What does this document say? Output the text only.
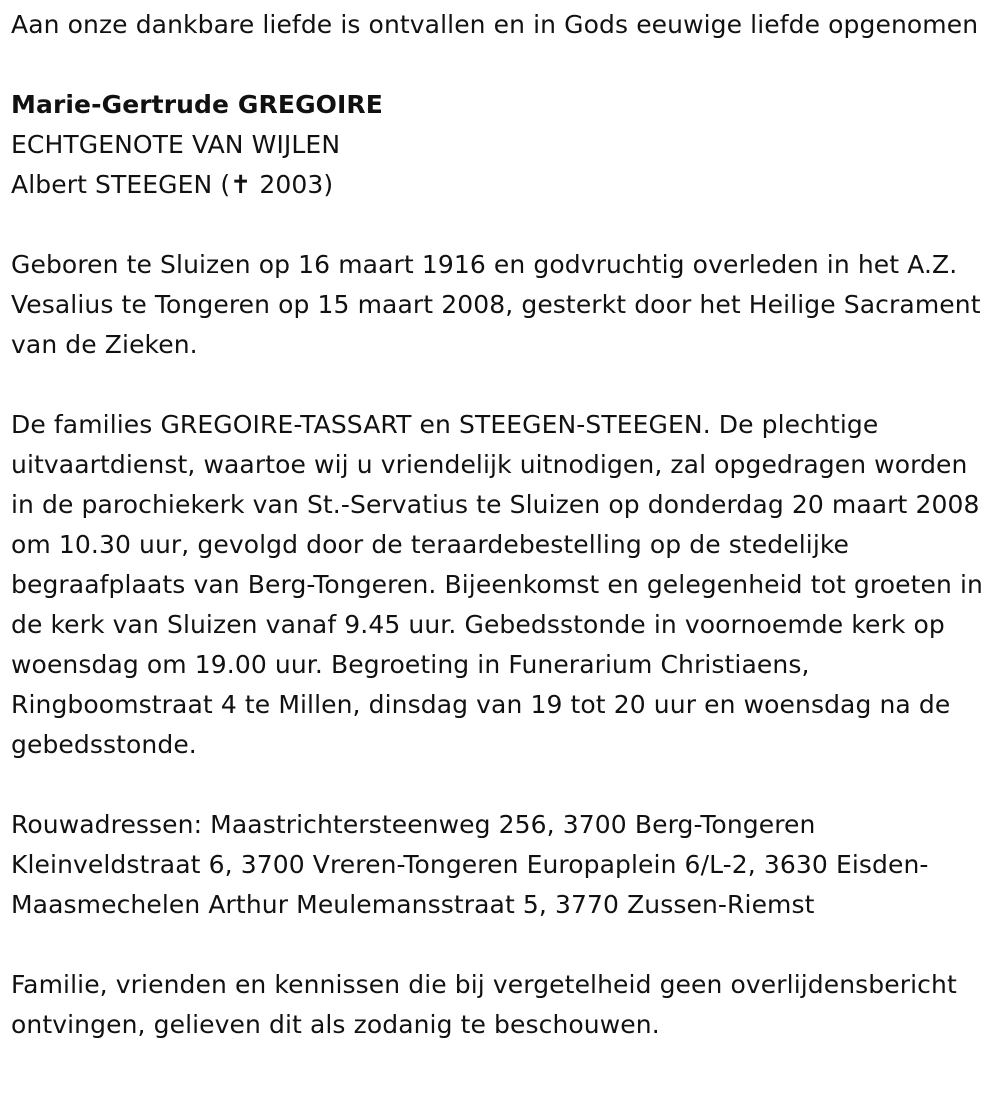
Aan onze dankbare liefde is ontvallen en in Gods eeuwige liefde opgenomen

Marie-Gertrude GREGOIRE

ECHTGENOTE VAN WIJLEN

Albert STEEGEN (✝ 2003)

Geboren te Sluizen op 16 maart 1916 en godvruchtig overleden in het A.Z. Vesalius te Tongeren op 15 maart 2008, gesterkt door het Heilige Sacrament van de Zieken.

De families GREGOIRE-TASSART en STEEGEN-STEEGEN. De plechtige uitvaartdienst, waartoe wij u vriendelijk uitnodigen, zal opgedragen worden in de parochiekerk van St.-Servatius te Sluizen op donderdag 20 maart 2008 om 10.30 uur, gevolgd door de teraardebestelling op de stedelijke begraafplaats van Berg-Tongeren. Bijeenkomst en gelegenheid tot groeten in de kerk van Sluizen vanaf 9.45 uur. Gebedsstonde in voornoemde kerk op woensdag om 19.00 uur. Begroeting in Funerarium Christiaens, Ringboomstraat 4 te Millen, dinsdag van 19 tot 20 uur en woensdag na de gebedsstonde.

Rouwadressen: Maastrichtersteenweg 256, 3700 Berg-Tongeren Kleinveldstraat 6, 3700 Vreren-Tongeren Europaplein 6/L-2, 3630 Eisden-Maasmechelen Arthur Meulemansstraat 5, 3770 Zussen-Riemst

Familie, vrienden en kennissen die bij vergetelheid geen overlijdensbericht ontvingen, gelieven dit als zodanig te beschouwen.
